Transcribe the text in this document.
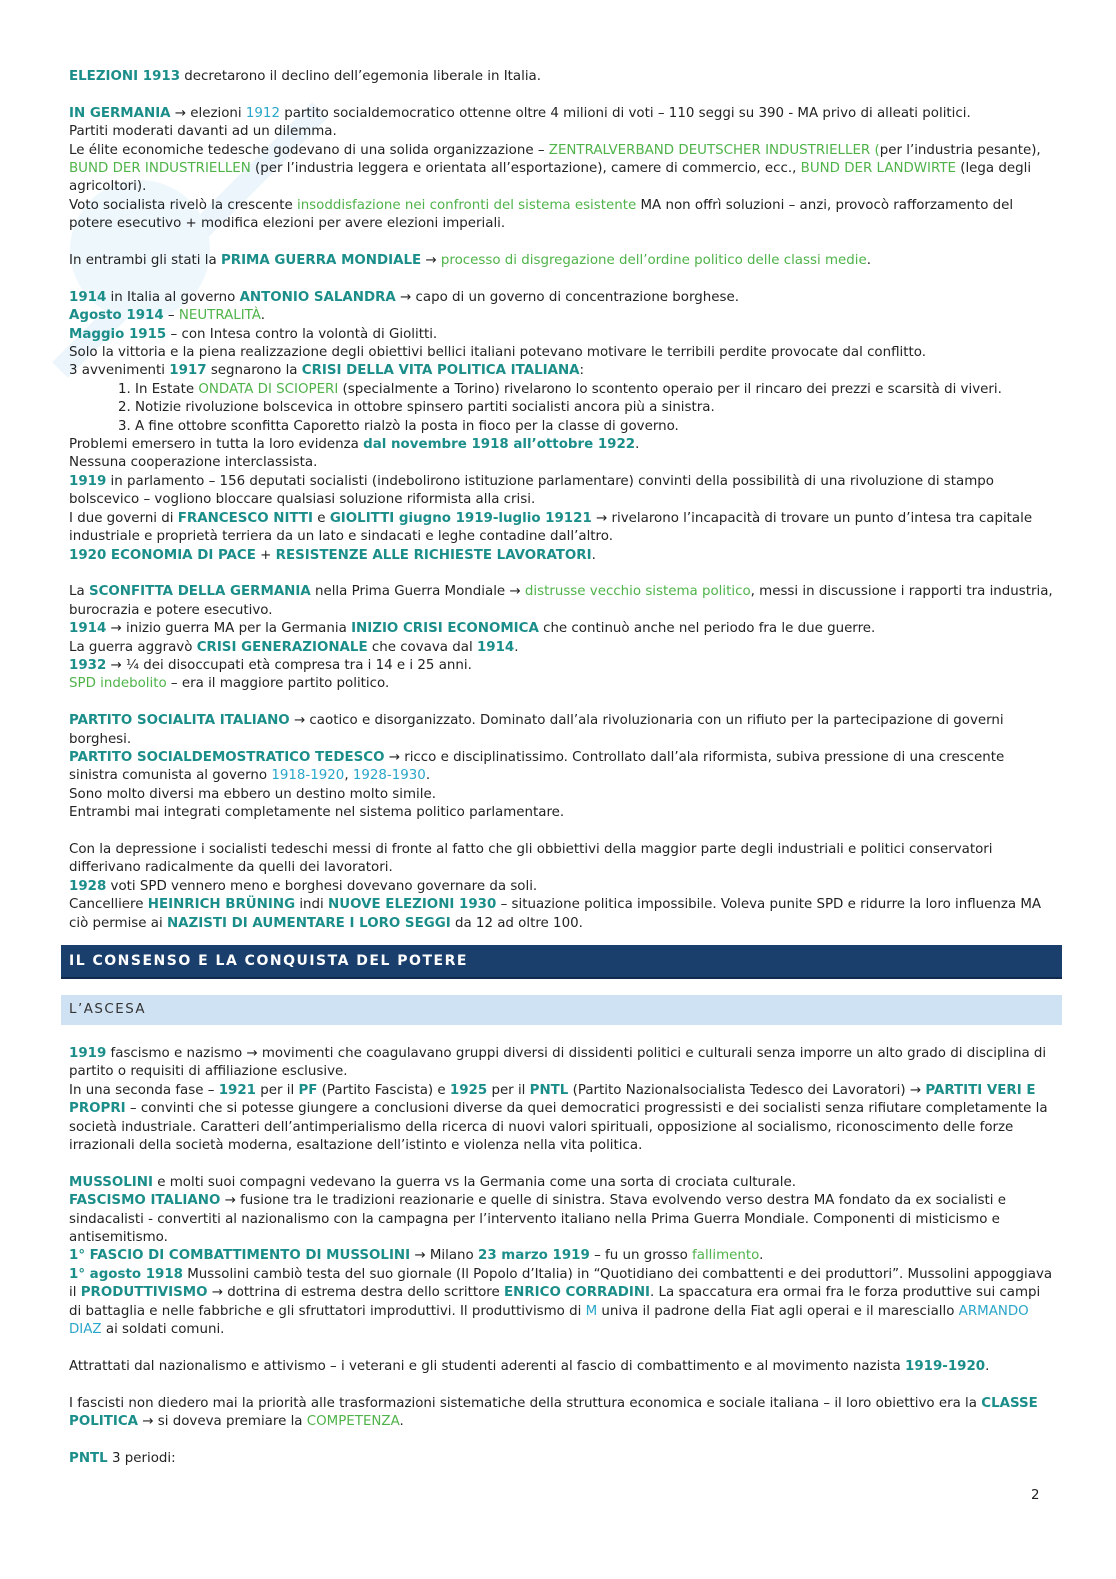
ELEZIONI 1913 decretarono il declino dell’egemonia liberale in Italia.

IN GERMANIA → elezioni 1912 partito socialdemocratico ottenne oltre 4 milioni di voti – 110 seggi su 390 - MA privo di alleati politici.

Partiti moderati davanti ad un dilemma.

Le élite economiche tedesche godevano di una solida organizzazione – ZENTRALVERBAND DEUTSCHER INDUSTRIELLER (per l’industria pesante), BUND DER INDUSTRIELLEN (per l’industria leggera e orientata all’esportazione), camere di commercio, ecc., BUND DER LANDWIRTE (lega degli agricoltori).

Voto socialista rivelò la crescente insoddisfazione nei confronti del sistema esistente MA non offrì soluzioni – anzi, provocò rafforzamento del potere esecutivo + modifica elezioni per avere elezioni imperiali.

In entrambi gli stati la PRIMA GUERRA MONDIALE → processo di disgregazione dell’ordine politico delle classi medie.

1914 in Italia al governo ANTONIO SALANDRA → capo di un governo di concentrazione borghese.

Agosto 1914 – NEUTRALITÀ.

Maggio 1915 – con Intesa contro la volontà di Giolitti.

Solo la vittoria e la piena realizzazione degli obiettivi bellici italiani potevano motivare le terribili perdite provocate dal conflitto.

3 avvenimenti 1917 segnarono la CRISI DELLA VITA POLITICA ITALIANA:

1. In Estate ONDATA DI SCIOPERI (specialmente a Torino) rivelarono lo scontento operaio per il rincaro dei prezzi e scarsità di viveri.
2. Notizie rivoluzione bolscevica in ottobre spinsero partiti socialisti ancora più a sinistra.
3. A fine ottobre sconfitta Caporetto rialzò la posta in fioco per la classe di governo.

Problemi emersero in tutta la loro evidenza dal novembre 1918 all’ottobre 1922.

Nessuna cooperazione interclassista.

1919 in parlamento – 156 deputati socialisti (indebolirono istituzione parlamentare) convinti della possibilità di una rivoluzione di stampo bolscevico – vogliono bloccare qualsiasi soluzione riformista alla crisi.

I due governi di FRANCESCO NITTI e GIOLITTI giugno 1919-luglio 19121 → rivelarono l’incapacità di trovare un punto d’intesa tra capitale industriale e proprietà terriera da un lato e sindacati e leghe contadine dall’altro.

1920 ECONOMIA DI PACE + RESISTENZE ALLE RICHIESTE LAVORATORI.

La SCONFITTA DELLA GERMANIA nella Prima Guerra Mondiale → distrusse vecchio sistema politico, messi in discussione i rapporti tra industria, burocrazia e potere esecutivo.

1914 → inizio guerra MA per la Germania INIZIO CRISI ECONOMICA che continuò anche nel periodo fra le due guerre.

La guerra aggravò CRISI GENERAZIONALE che covava dal 1914.

1932 → ¼ dei disoccupati età compresa tra i 14 e i 25 anni.

SPD indebolito – era il maggiore partito politico.

PARTITO SOCIALITA ITALIANO → caotico e disorganizzato. Dominato dall’ala rivoluzionaria con un rifiuto per la partecipazione di governi borghesi.

PARTITO SOCIALDEMOSTRATICO TEDESCO → ricco e disciplinatissimo. Controllato dall’ala riformista, subiva pressione di una crescente sinistra comunista al governo 1918-1920, 1928-1930.

Sono molto diversi ma ebbero un destino molto simile.

Entrambi mai integrati completamente nel sistema politico parlamentare.

Con la depressione i socialisti tedeschi messi di fronte al fatto che gli obbiettivi della maggior parte degli industriali e politici conservatori differivano radicalmente da quelli dei lavoratori.

1928 voti SPD vennero meno e borghesi dovevano governare da soli.

Cancelliere HEINRICH BRÜNING indi NUOVE ELEZIONI 1930 – situazione politica impossibile. Voleva punite SPD e ridurre la loro influenza MA ciò permise ai NAZISTI DI AUMENTARE I LORO SEGGI da 12 ad oltre 100.

IL CONSENSO E LA CONQUISTA DEL POTERE
L’ASCESA

1919 fascismo e nazismo → movimenti che coagulavano gruppi diversi di dissidenti politici e culturali senza imporre un alto grado di disciplina di partito o requisiti di affiliazione esclusive.

In una seconda fase – 1921 per il PF (Partito Fascista) e 1925 per il PNTL (Partito Nazionalsocialista Tedesco dei Lavoratori) → PARTITI VERI E PROPRI – convinti che si potesse giungere a conclusioni diverse da quei democratici progressisti e dei socialisti senza rifiutare completamente la società industriale. Caratteri dell’antimperialismo della ricerca di nuovi valori spirituali, opposizione al socialismo, riconoscimento delle forze irrazionali della società moderna, esaltazione dell’istinto e violenza nella vita politica.

MUSSOLINI e molti suoi compagni vedevano la guerra vs la Germania come una sorta di crociata culturale.

FASCISMO ITALIANO → fusione tra le tradizioni reazionarie e quelle di sinistra. Stava evolvendo verso destra MA fondato da ex socialisti e sindacalisti - convertiti al nazionalismo con la campagna per l’intervento italiano nella Prima Guerra Mondiale. Componenti di misticismo e antisemitismo.

1° FASCIO DI COMBATTIMENTO DI MUSSOLINI → Milano 23 marzo 1919 – fu un grosso fallimento.

1° agosto 1918 Mussolini cambiò testa del suo giornale (Il Popolo d’Italia) in “Quotidiano dei combattenti e dei produttori”. Mussolini appoggiava il PRODUTTIVISMO → dottrina di estrema destra dello scrittore ENRICO CORRADINI. La spaccatura era ormai fra le forza produttive sui campi di battaglia e nelle fabbriche e gli sfruttatori improduttivi. Il produttivismo di M univa il padrone della Fiat agli operai e il maresciallo ARMANDO DIAZ ai soldati comuni.

Attrattati dal nazionalismo e attivismo – i veterani e gli studenti aderenti al fascio di combattimento e al movimento nazista 1919-1920.

I fascisti non diedero mai la priorità alle trasformazioni sistematiche della struttura economica e sociale italiana – il loro obiettivo era la CLASSE POLITICA → si doveva premiare la COMPETENZA.

PNTL 3 periodi:

2
